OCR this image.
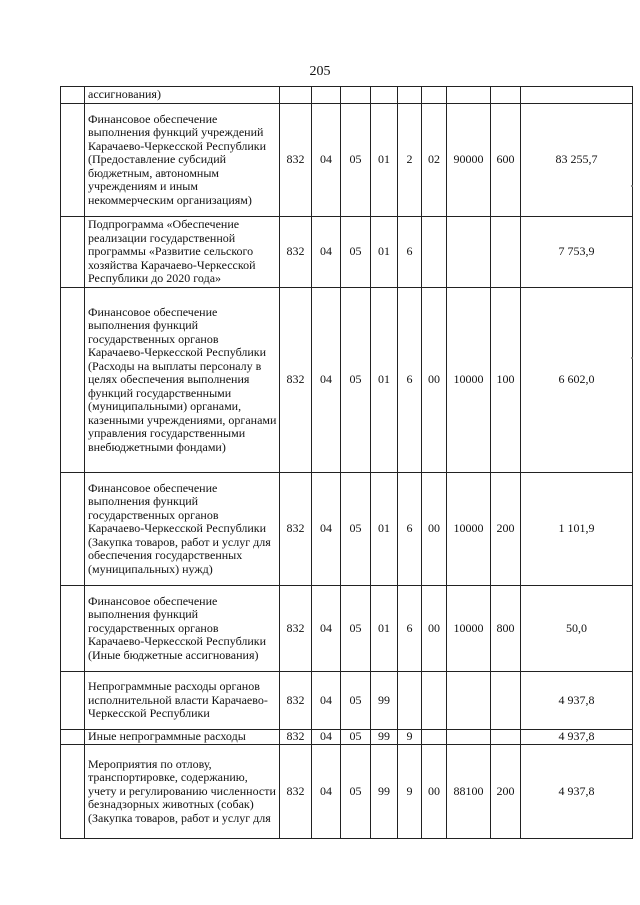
205
	ассигнования)									
	Финансовое обеспечение выполнения функций учреждений Карачаево-Черкесской Республики (Предоставление субсидий бюджетным, автономным учреждениям и иным некоммерческим организациям)	832	04	05	01	2	02	90000	600	83 255,7
	Подпрограмма «Обеспечение реализации государственной программы «Развитие сельского хозяйства Карачаево-Черкесской Республики до 2020 года»	832	04	05	01	6				7 753,9
	Финансовое обеспечение выполнения функций государственных органов Карачаево-Черкесской Республики (Расходы на выплаты персоналу в целях обеспечения выполнения функций государственными (муниципальными) органами, казенными учреждениями, органами управления государственными внебюджетными фондами)	832	04	05	01	6	00	10000	100	6 602,0
	Финансовое обеспечение выполнения функций государственных органов Карачаево-Черкесской Республики (Закупка товаров, работ и услуг для обеспечения государственных (муниципальных) нужд)	832	04	05	01	6	00	10000	200	1 101,9
	Финансовое обеспечение выполнения функций государственных органов Карачаево-Черкесской Республики (Иные бюджетные ассигнования)	832	04	05	01	6	00	10000	800	50,0
	Непрограммные расходы органов исполнительной власти Карачаево-Черкесской Республики	832	04	05	99					4 937,8
	Иные непрограммные расходы	832	04	05	99	9				4 937,8
	Мероприятия по отлову, транспортировке, содержанию, учету и регулированию численности безнадзорных животных (собак) (Закупка товаров, работ и услуг для	832	04	05	99	9	00	88100	200	4 937,8
